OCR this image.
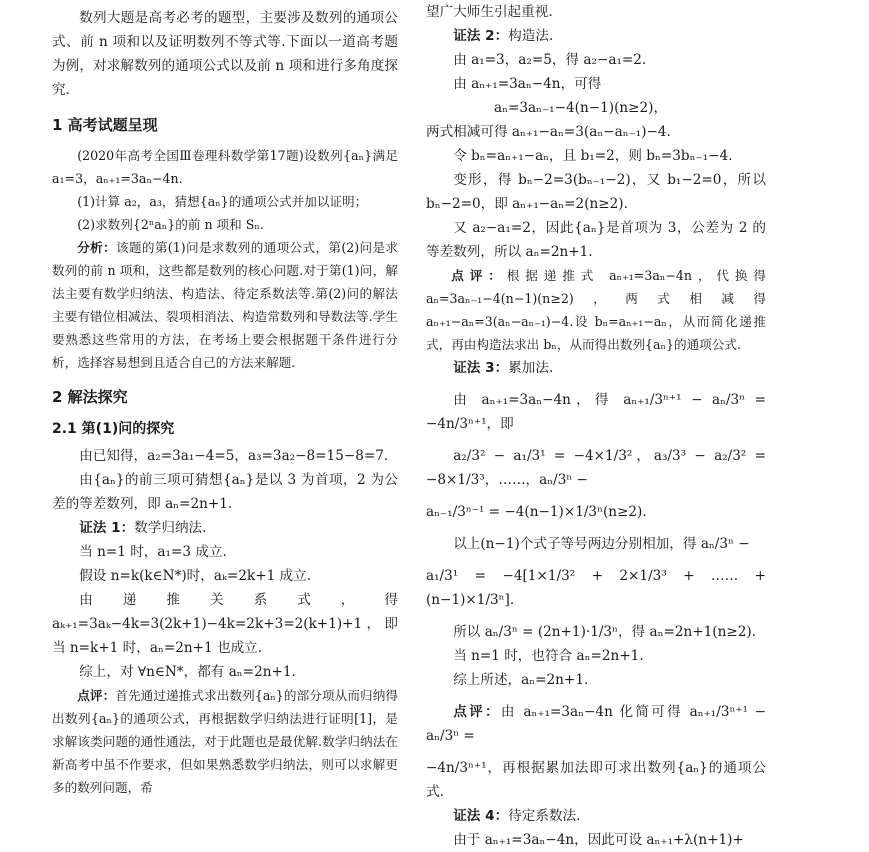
数列大题是高考必考的题型，主要涉及数列的通项公式、前 n 项和以及证明数列不等式等.下面以一道高考题为例，对求解数列的通项公式以及前 n 项和进行多角度探究.

1 高考试题呈现

(2020年高考全国Ⅲ卷理科数学第17题)设数列{aₙ}满足 a₁=3，aₙ₊₁=3aₙ−4n.

(1)计算 a₂，a₃，猜想{aₙ}的通项公式并加以证明；

(2)求数列{2ⁿaₙ}的前 n 项和 Sₙ.

分析：该题的第(1)问是求数列的通项公式，第(2)问是求数列的前 n 项和，这些都是数列的核心问题.对于第(1)问，解法主要有数学归纳法、构造法、待定系数法等.第(2)问的解法主要有错位相减法、裂项相消法、构造常数列和导数法等.学生要熟悉这些常用的方法，在考场上要会根据题干条件进行分析，选择容易想到且适合自己的方法来解题.

2 解法探究
2.1 第(1)问的探究

由已知得，a₂=3a₁−4=5，a₃=3a₂−8=15−8=7.

由{aₙ}的前三项可猜想{aₙ}是以 3 为首项，2 为公差的等差数列，即 aₙ=2n+1.

证法 1：数学归纳法.

当 n=1 时，a₁=3 成立.

假设 n=k(k∈N*)时，aₖ=2k+1 成立.

由递推关系式，得 aₖ₊₁=3aₖ−4k=3(2k+1)−4k=2k+3=2(k+1)+1，即当 n=k+1 时，aₙ=2n+1 也成立.

综上，对 ∀n∈N*，都有 aₙ=2n+1.

点评：首先通过递推式求出数列{aₙ}的部分项从而归纳得出数列{aₙ}的通项公式，再根据数学归纳法进行证明[1]，是求解该类问题的通性通法，对于此题也是最优解.数学归纳法在新高考中虽不作要求，但如果熟悉数学归纳法，则可以求解更多的数列问题，希

望广大师生引起重视.

证法 2：构造法.

由 a₁=3，a₂=5，得 a₂−a₁=2.

由 aₙ₊₁=3aₙ−4n，可得

aₙ=3aₙ₋₁−4(n−1)(n≥2)，

两式相减可得 aₙ₊₁−aₙ=3(aₙ−aₙ₋₁)−4.

令 bₙ=aₙ₊₁−aₙ，且 b₁=2，则 bₙ=3bₙ₋₁−4.

变形，得 bₙ−2=3(bₙ₋₁−2)，又 b₁−2=0，所以 bₙ−2=0，即 aₙ₊₁−aₙ=2(n≥2).

又 a₂−a₁=2，因此{aₙ}是首项为 3，公差为 2 的等差数列，所以 aₙ=2n+1.

点评：根据递推式 aₙ₊₁=3aₙ−4n，代换得 aₙ=3aₙ₋₁−4(n−1)(n≥2)，两式相减得 aₙ₊₁−aₙ=3(aₙ−aₙ₋₁)−4.设 bₙ=aₙ₊₁−aₙ，从而简化递推式，再由构造法求出 bₙ，从而得出数列{aₙ}的通项公式.

证法 3：累加法.

由 aₙ₊₁=3aₙ−4n，得 aₙ₊₁/3ⁿ⁺¹ − aₙ/3ⁿ = −4n/3ⁿ⁺¹，即

a₂/3² − a₁/3¹ = −4×1/3²，a₃/3³ − a₂/3² = −8×1/3³，……，aₙ/3ⁿ −

aₙ₋₁/3ⁿ⁻¹ = −4(n−1)×1/3ⁿ(n≥2).

以上(n−1)个式子等号两边分别相加，得 aₙ/3ⁿ −

a₁/3¹ = −4[1×1/3² + 2×1/3³ + …… + (n−1)×1/3ⁿ].

所以 aₙ/3ⁿ = (2n+1)·1/3ⁿ，得 aₙ=2n+1(n≥2).

当 n=1 时，也符合 aₙ=2n+1.

综上所述，aₙ=2n+1.

点评：由 aₙ₊₁=3aₙ−4n 化简可得 aₙ₊₁/3ⁿ⁺¹ − aₙ/3ⁿ =

−4n/3ⁿ⁺¹，再根据累加法即可求出数列{aₙ}的通项公式.

证法 4：待定系数法.

由于 aₙ₊₁=3aₙ−4n，因此可设 aₙ₊₁+λ(n+1)+
